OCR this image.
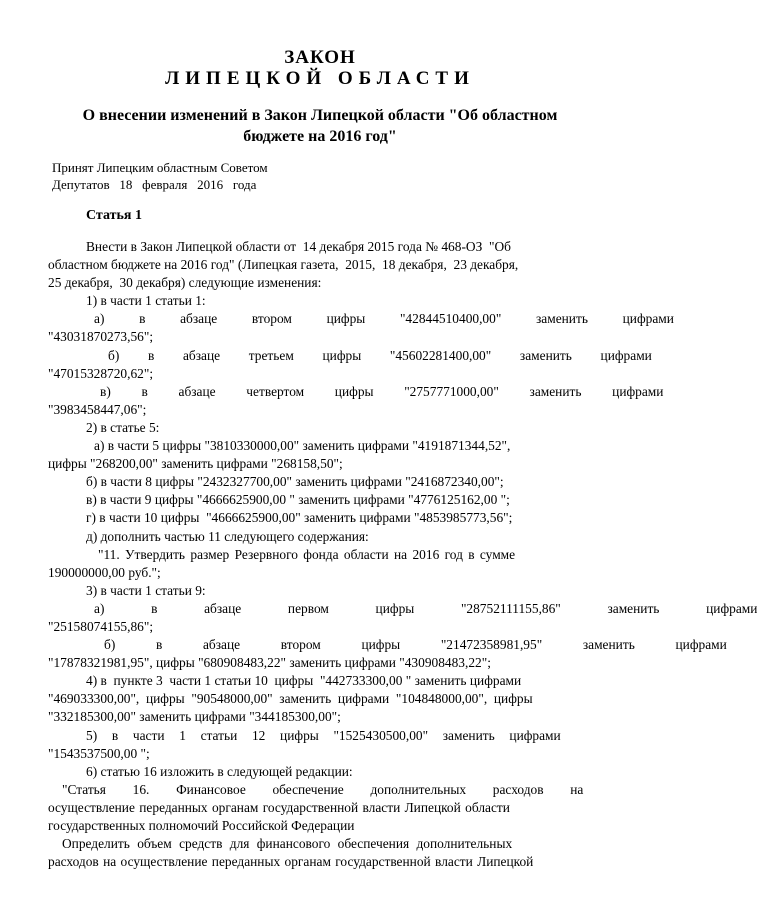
ЗАКОН
ЛИПЕЦКОЙ ОБЛАСТИ
О внесении изменений в Закон Липецкой области "Об областном
бюджете на 2016 год"
Принят Липецким областным Советом
Депутатов   18   февраля   2016   года
Статья 1
Внести в Закон Липецкой области от  14 декабря 2015 года № 468-ОЗ  "Об
областном бюджете на 2016 год" (Липецкая газета,  2015,  18 декабря,  23 декабря,
25 декабря,  30 декабря) следующие изменения:
1) в части 1 статьи 1:
а)  в  абзаце  втором  цифры  "42844510400,00"  заменить  цифрами
"43031870273,56";
б)  в  абзаце  третьем  цифры  "45602281400,00"  заменить  цифрами
"47015328720,62";
в)  в  абзаце  четвертом  цифры  "2757771000,00"  заменить  цифрами
"3983458447,06";
2) в статье 5:
а) в части 5 цифры "3810330000,00" заменить цифрами "4191871344,52",
цифры "268200,00" заменить цифрами "268158,50";
б) в части 8 цифры "2432327700,00" заменить цифрами "2416872340,00";
в) в части 9 цифры "4666625900,00 " заменить цифрами "4776125162,00 ";
г) в части 10 цифры  "4666625900,00" заменить цифрами "4853985773,56";
д) дополнить частью 11 следующего содержания:
"11. Утвердить размер Резервного фонда области на 2016 год в сумме
190000000,00 руб.";
3) в части 1 статьи 9:
а)  в  абзаце  первом  цифры  "28752111155,86"  заменить  цифрами
"25158074155,86";
б)  в  абзаце  втором  цифры  "21472358981,95"  заменить  цифрами
"17878321981,95", цифры "680908483,22" заменить цифрами "430908483,22";
4) в  пункте 3  части 1 статьи 10  цифры  "442733300,00 " заменить цифрами
"469033300,00",  цифры  "90548000,00"  заменить  цифрами  "104848000,00",  цифры
"332185300,00" заменить цифрами "344185300,00";
5)  в  части  1  статьи  12  цифры  "1525430500,00"  заменить  цифрами
"1543537500,00 ";
6) статью 16 изложить в следующей редакции:
"Статья  16.  Финансовое  обеспечение  дополнительных  расходов  на
осуществление переданных органам государственной власти Липецкой области
государственных полномочий Российской Федерации
Определить объем средств для финансового обеспечения дополнительных
расходов на осуществление переданных органам государственной власти Липецкой
